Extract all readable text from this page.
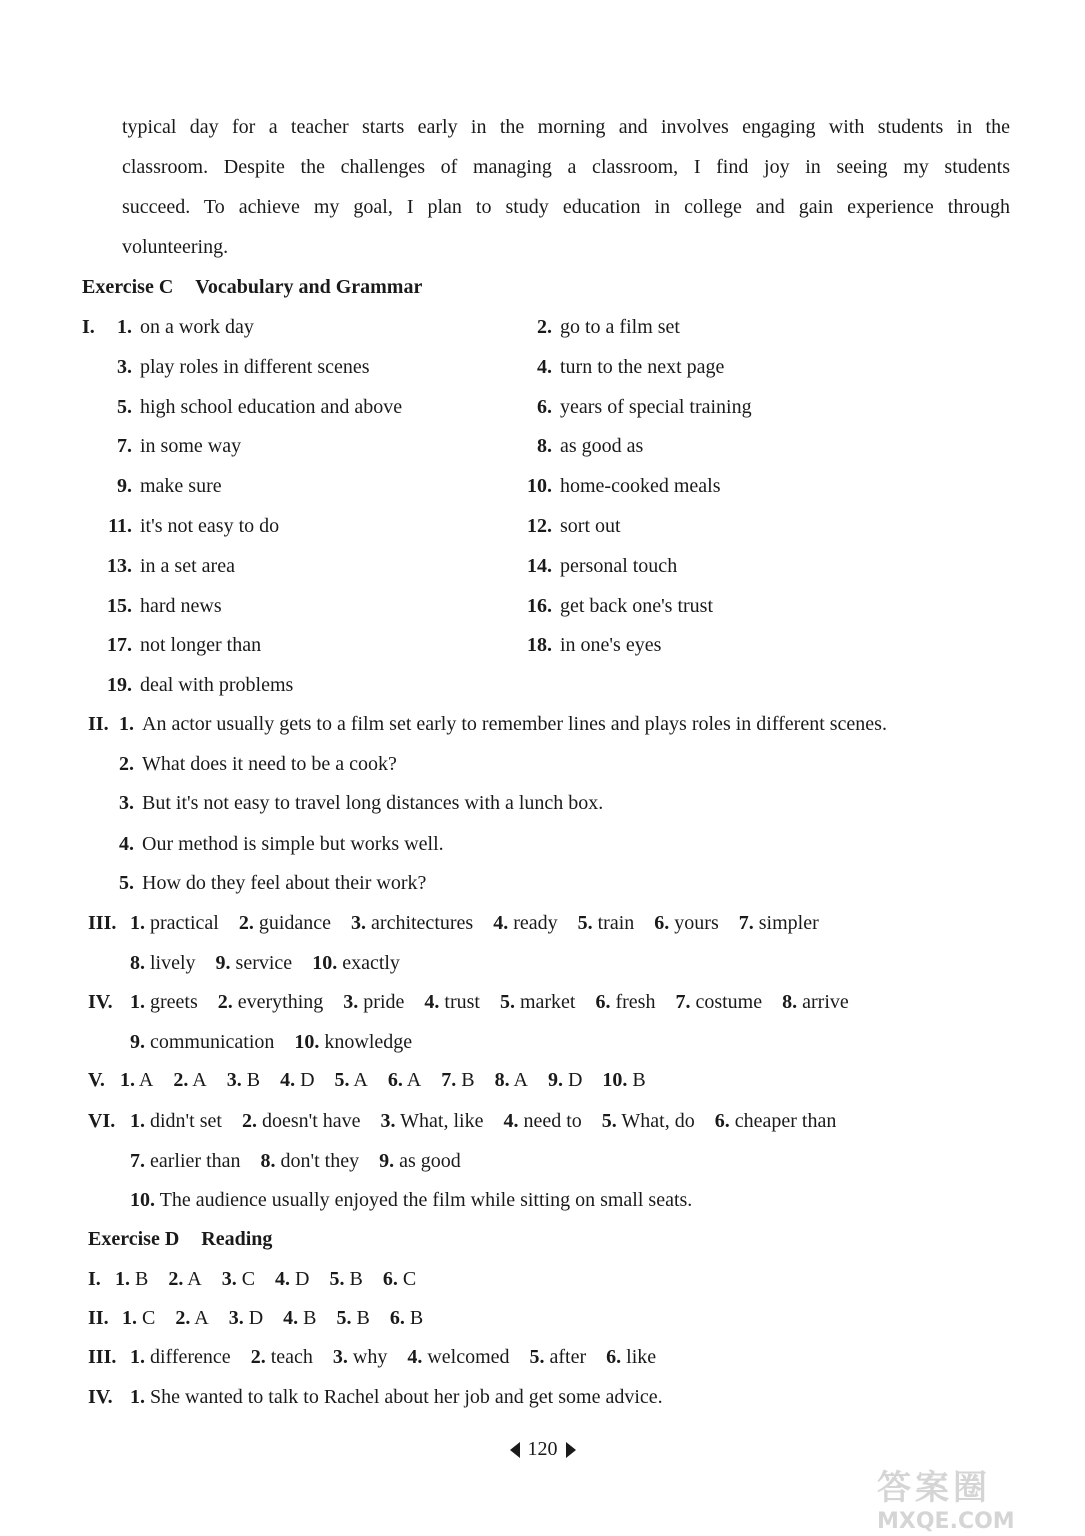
typical day for a teacher starts early in the morning and involves engaging with students in the

classroom. Despite the challenges of managing a classroom, I find joy in seeing my students

succeed. To achieve my goal, I plan to study education in college and gain experience through

volunteering.

Exercise C Vocabulary and Grammar
I.	1. on a work day	2. go to a film set
3. play roles in different scenes	4. turn to the next page
5. high school education and above	6. years of special training
7. in some way	8. as good as
9. make sure	10. home-cooked meals
11. it's not easy to do	12. sort out
13. in a set area	14. personal touch
15. hard news	16. get back one's trust
17. not longer than	18. in one's eyes
19. deal with problems
II. 1. An actor usually gets to a film set early to remember lines and plays roles in different scenes.
2. What does it need to be a cook?
3. But it's not easy to travel long distances with a lunch box.
4. Our method is simple but works well.
5. How do they feel about their work?
III. 1. practical 2. guidance 3. architectures 4. ready 5. train 6. yours 7. simpler
8. lively 9. service 10. exactly
IV. 1. greets 2. everything 3. pride 4. trust 5. market 6. fresh 7. costume 8. arrive
9. communication 10. knowledge
V. 1. A 2. A 3. B 4. D 5. A 6. A 7. B 8. A 9. D 10. B
VI. 1. didn't set 2. doesn't have 3. What, like 4. need to 5. What, do 6. cheaper than
7. earlier than 8. don't they 9. as good
10. The audience usually enjoyed the film while sitting on small seats.
Exercise D Reading
I. 1. B 2. A 3. C 4. D 5. B 6. C
II. 1. C 2. A 3. D 4. B 5. B 6. B
III. 1. difference 2. teach 3. why 4. welcomed 5. after 6. like
IV. 1. She wanted to talk to Rachel about her job and get some advice.
120
答案圈
MXQE.COM
